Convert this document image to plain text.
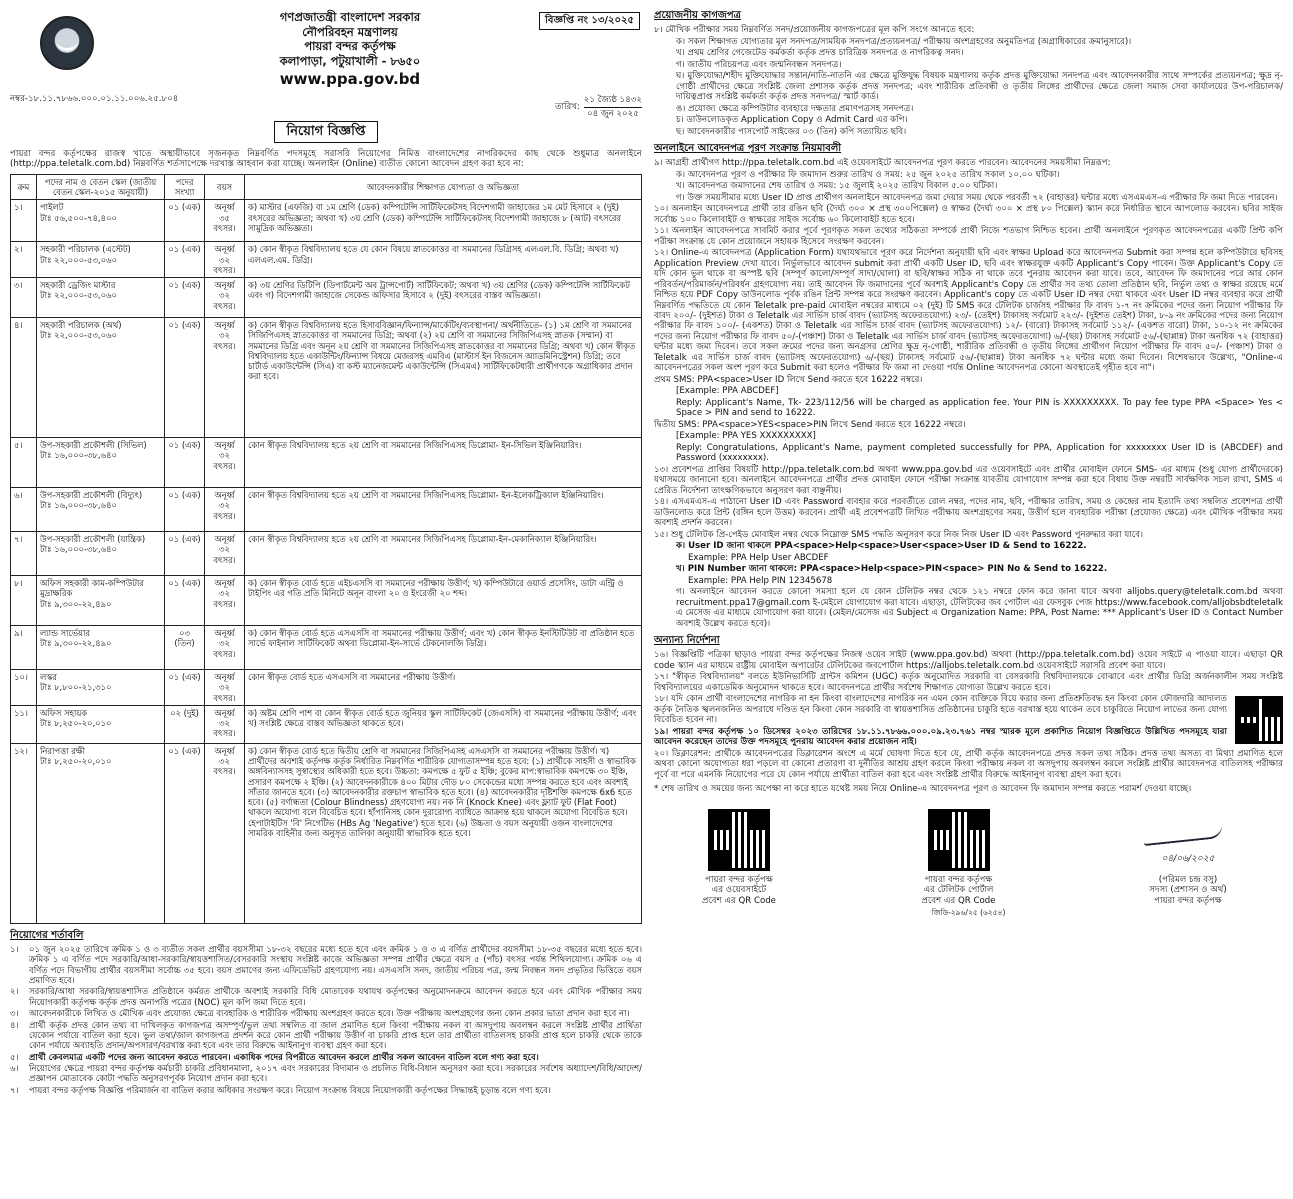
গণপ্রজাতন্ত্রী বাংলাদেশ সরকার
নৌপরিবহন মন্ত্রণালয়
পায়রা বন্দর কর্তৃপক্ষ
কলাপাড়া, পটুয়াখালী - ৮৬৫০
www.ppa.gov.bd
বিজ্ঞপ্তি নং ১৩/২০২৫
নম্বর-১৮.১১.৭৮৬৬.০০০.০১.১১.০০৬.২৫.৮০৪
তারিখ:
২১ জ্যৈষ্ঠ ১৪৩২
০৪ জুন ২০২৫
নিয়োগ বিজ্ঞপ্তি

পায়রা বন্দর কর্তৃপক্ষের রাজস্ব খাতে অস্থায়ীভাবে সৃজনকৃত নিম্নবর্ণিত পদসমূহে সরাসরি নিয়োগের নিমিত্ত বাংলাদেশের নাগরিকদের কাছ থেকে শুধুমাত্র অনলাইনে (http://ppa.teletalk.com.bd) নিম্নবর্ণিত শর্তসাপেক্ষে দরখাস্ত আহবান করা যাচ্ছে। অনলাইন (Online) ব্যতীত কোনো আবেদন গ্রহণ করা হবে না:

ক্রম	পদের নাম ও বেতন স্কেল (জাতীয় বেতন স্কেল-২০১৫ অনুযায়ী)	পদের সংখ্যা	বয়স	আবেদনকারীর শিক্ষাগত যোগ্যতা ও অভিজ্ঞতা
১।	পাইলট
টাঃ ৫৬,৫০০-৭৪,৪০০	০১ (এক)	অনূর্ধ্ব ৩৫ বৎসর।	ক) মাস্টার (এফজি) বা ১ম শ্রেণি (ডেক) কম্পিটেন্সি সার্টিফিকেটসহ বিদেশগামী জাহাজের ১ম মেট হিসাবে ২ (দুই) বৎসরের অভিজ্ঞতা; অথবা খ) ৩য় শ্রেণি (ডেক) কম্পিটেন্সি সার্টিফিকেটসহ বিদেশগামী জাহাজে ৮ (আট) বৎসরের সামুদ্রিক অভিজ্ঞতা।
২।	সহকারী পরিচালক (এস্টেট)
টাঃ ২২,০০০-৫৩,০৬০	০১ (এক)	অনূর্ধ্ব ৩২ বৎসর।	ক) কোন স্বীকৃত বিশ্ববিদ্যালয় হতে যে কোন বিষয়ে স্নাতকোত্তর বা সমমানের ডিগ্রিসহ এলএল.বি. ডিগ্রি; অথবা খ) এলএল.এম. ডিগ্রি।
৩।	সহকারী ড্রেজিং মাস্টার
টাঃ ২২,০০০-৫৩,০৬০	০১ (এক)	অনূর্ধ্ব ৩২ বৎসর।	ক) ৩য় শ্রেণির ডিটিপি (ডিপার্টমেন্ট অব ট্রান্সপোর্ট) সার্টিফিকেট; অথবা খ) ৩য় শ্রেণির (ডেক) কম্পিটেন্সি সার্টিফিকেট এবং গ) বিদেশগামী জাহাজে সেকেন্ড অফিসার হিসাবে ২ (দুই) বৎসরের বাস্তব অভিজ্ঞতা।
৪।	সহকারী পরিচালক (অর্থ)
টাঃ ২২,০০০-৫৩,০৬০	০১ (এক)	অনূর্ধ্ব ৩২ বৎসর।	ক) কোন স্বীকৃত বিশ্ববিদ্যালয় হতে হিসাববিজ্ঞান/ফিন্যান্স/মার্কেটিং/ব্যবস্থাপনা/ অর্থনীতিতে- (১) ১ম শ্রেণি বা সমমানের সিজিপিএসহ স্নাতকোত্তর বা সমমানের ডিগ্রি; অথবা (২) ২য় শ্রেণি বা সমমানের সিজিপিএসহ স্নাতক (সম্মান) বা সমমানের ডিগ্রি এবং অনূন ২য় শ্রেণি বা সমমানের সিজিপিএসহ স্নাতকোত্তর বা সমমানের ডিগ্রি; অথবা খ) কোন স্বীকৃত বিশ্ববিদ্যালয় হতে একাউন্টিং/ফিন্যান্স বিষয়ে মেজরসহ এমবিএ (মাস্টার্স ইন বিজনেস অ্যাডমিনিস্ট্রেশন) ডিগ্রি; তবে চার্টার্ড একাউন্টেন্সি (সিএ) বা কস্ট ম্যানেজমেন্ট একাউন্টেন্সি (সিএমএ) সার্টিফিকেটধারী প্রার্থীগণকে অগ্রাধিকার প্রদান করা হবে।
৫।	উপ-সহকারী প্রকৌশলী (সিভিল)
টাঃ ১৬,০০০-৩৮,৬৪০	০১ (এক)	অনূর্ধ্ব ৩২ বৎসর।	কোন স্বীকৃত বিশ্ববিদ্যালয় হতে ২য় শ্রেণি বা সমমানের সিজিপিএসহ ডিপ্লোমা- ইন-সিভিল ইঞ্জিনিয়ারিং।
৬।	উপ-সহকারী প্রকৌশলী (বিদ্যুৎ)
টাঃ ১৬,০০০-৩৮,৬৪০	০১ (এক)	অনূর্ধ্ব ৩২ বৎসর।	কোন স্বীকৃত বিশ্ববিদ্যালয় হতে ২য় শ্রেণি বা সমমানের সিজিপিএসহ ডিপ্লোমা- ইন-ইলেকট্রিক্যাল ইঞ্জিনিয়ারিং।
৭।	উপ-সহকারী প্রকৌশলী (যান্ত্রিক)
টাঃ ১৬,০০০-৩৮,৬৪০	০১ (এক)	অনূর্ধ্ব ৩২ বৎসর।	কোন স্বীকৃত বিশ্ববিদ্যালয় হতে ২য় শ্রেণি বা সমমানের সিজিপিএসহ ডিপ্লোমা-ইন-মেকানিক্যাল ইঞ্জিনিয়ারিং।
৮।	অফিস সহকারী কাম-কম্পিউটার মুদ্রাক্ষরিক
টাঃ ৯,৩০০-২২,৪৯০	০১ (এক)	অনূর্ধ্ব ৩২ বৎসর।	ক) কোন স্বীকৃত বোর্ড হতে এইচএসসি বা সমমানের পরীক্ষায় উত্তীর্ণ; খ) কম্পিউটারে ওয়ার্ড প্রসেসিং, ডাটা এন্ট্রি ও টাইপিং এর গতি প্রতি মিনিটে অনূন বাংলা ২০ ও ইংরেজী ২০ শব্দ।
৯।	ল্যান্ড সার্ভেয়ার
টাঃ ৯,৩০০-২২,৪৯০	০৩ (তিন)	অনূর্ধ্ব ৩২ বৎসর।	ক) কোন স্বীকৃত বোর্ড হতে এসএসসি বা সমমানের পরীক্ষায় উত্তীর্ণ; এবং খ) কোন স্বীকৃত ইনস্টিটিউট বা প্রতিষ্ঠান হতে সার্ভে ফাইনাল সার্টিফিকেট অথবা ডিপ্লোমা-ইন-সার্ভে টেকনোলজি ডিগ্রি।
১০।	লস্কর
টাঃ ৮,৮০০-২১,৩১০	০১ (এক)	অনূর্ধ্ব ৩২ বৎসর।	কোন স্বীকৃত বোর্ড হতে এসএসসি বা সমমানের পরীক্ষায় উত্তীর্ণ।
১১।	অফিস সহায়ক
টাঃ ৮,২৫০-২০,০১০	০২ (দুই)	অনূর্ধ্ব ৩২ বৎসর।	ক) অষ্টম শ্রেণি পাশ বা কোন স্বীকৃত বোর্ড হতে জুনিয়র স্কুল সার্টিফিকেট (জেএসসি) বা সমমানের পরীক্ষায় উত্তীর্ণ; এবং খ) সংশ্লিষ্ট ক্ষেত্রে বাস্তব অভিজ্ঞতা থাকতে হবে।
১২।	নিরাপত্তা রক্ষী
টাঃ ৮,২৫০-২০,০১০	০১ (এক)	অনূর্ধ্ব ৩২ বৎসর।	ক) কোন স্বীকৃত বোর্ড হতে দ্বিতীয় শ্রেণি বা সমমানের সিজিপিএসহ এসএসসি বা সমমানের পরীক্ষায় উত্তীর্ণ। খ) প্রার্থীদের অবশ্যই কর্তৃপক্ষ কর্তৃক নির্ধারিত নিম্নবর্ণিত শারীরিক যোগ্যতাসম্পন্ন হতে হবে: (১) প্রার্থীকে সাহসী ও স্বাভাবিক অঙ্গবিন্যাসসহ সুস্বাস্থ্যের অধিকারী হতে হবে। উচ্চতা: কমপক্ষে ৫ ফুট ৫ ইঞ্চি; বুকের মাপ:স্বাভাবিক কমপক্ষে ৩০ ইঞ্চি, প্রসারণ কমপক্ষে ২ ইঞ্চি। (২) আবেদনকারীকে ৪০০ মিটার দৌড় ৮০ সেকেন্ডের মধ্যে সম্পন্ন করতে হবে এবং অবশ্যই সাঁতার জানতে হবে। (৩) আবেদনকারীর রক্তচাপ স্বাভাবিক হতে হবে। (৪) আবেদনকারীর দৃষ্টিশক্তি কমপক্ষে 6x6 হতে হবে। (৫) বর্ণান্ধতা (Colour Blindness) গ্রহণযোগ্য নয়। নক নি (Knock Knee) এবং ফ্ল্যাট ফুট (Flat Foot) থাকলে অযোগ্য বলে বিবেচিত হবে। হাঁপানিসহ কোন দুরারোগ্য ব্যাধিতে আক্রান্ত হয়ে থাকলে অযোগ্য বিবেচিত হবে। হেপাটাইটিস 'বি' নিগেটিভ (HBs Ag 'Negative') হতে হবে। (৬) উচ্চতা ও বয়স অনুযায়ী ওজন বাংলাদেশের সামরিক বাহিনীর জন্য অনুসৃত তালিকা অনুযায়ী স্বাভাবিক হতে হবে।
নিয়োগের শর্তাবলি

১।	০১ জুন ২০২৫ তারিখে ক্রমিক ১ ও ৩ ব্যতীত সকল প্রার্থীর বয়সসীমা ১৮-৩২ বছরের মধ্যে হতে হবে এবং ক্রমিক ১ ও ৩ এ বর্ণিত প্রার্থীদের বয়সসীমা ১৮-৩৫ বছরের মধ্যে হতে হবে। ক্রমিক ১ এ বর্ণিত পদে সরকারি/আধা-সরকারি/স্বায়ত্তশাসিত/বেসরকারি সংস্থায় সংশ্লিষ্ট কাজে অভিজ্ঞতা সম্পন্ন প্রার্থীর ক্ষেত্রে বয়স ৫ (পাঁচ) বৎসর পর্যন্ত শিথিলযোগ্য। ক্রমিক ০৬ এ বর্ণিত পদে বিভাগীয় প্রার্থীর বয়সসীমা সর্বোচ্চ ৩৫ হবে। বয়স প্রমাণের জন্য এফিডেভিট গ্রহণযোগ্য নয়। এসএসসি সনদ, জাতীয় পরিচয় পত্র, জন্ম নিবন্ধন সনদ প্রভৃতির ভিত্তিতে বয়স প্রমাণিত হবে।

২।	সরকারি/আধা সরকারি/স্বায়ত্তশাসিত প্রতিষ্ঠানে কর্মরত প্রার্থীকে অবশ্যই সরকারি বিধি মোতাবেক যথাযথ কর্তৃপক্ষের অনুমোদনক্রমে আবেদন করতে হবে এবং মৌখিক পরীক্ষার সময় নিয়োগকারী কর্তৃপক্ষ কর্তৃক প্রদত্ত অনাপত্তি পত্রের (NOC) মূল কপি জমা দিতে হবে।

৩।	আবেদনকারীকে লিখিত ও মৌখিক এবং প্রযোজ্য ক্ষেত্রে ব্যবহারিক ও শারীরিক পরীক্ষায় অংশগ্রহণ করতে হবে। উক্ত পরীক্ষায় অংশগ্রহণের জন্য কোন প্রকার ভাতা প্রদান করা হবে না।

৪।	প্রার্থী কর্তৃক প্রদত্ত কোন তথ্য বা দাখিলকৃত কাগজপত্র অসম্পূর্ণ/ভুল তথ্য সম্বলিত বা জাল প্রমাণিত হলে কিংবা পরীক্ষায় নকল বা অসদুপায় অবলম্বন করলে সংশ্লিষ্ট প্রার্থীর প্রার্থিতা যেকোন পর্যায়ে বাতিল করা হবে। ভুল তথ্য/জাল কাগজপত্র প্রদর্শন করে কোন প্রার্থী পরীক্ষায় উত্তীর্ণ বা চাকরি প্রাপ্ত হলে তার প্রার্থীতা বাতিলসহ চাকরি প্রাপ্ত হলে চাকরি থেকে তাকে কোন পর্যায়ে অব্যাহতি প্রদান/অপসারণ/বরখাস্ত করা হবে এবং তার বিরুদ্ধে আইনানুগ ব্যবস্থা গ্রহণ করা হবে।

৫।	প্রার্থী কেবলমাত্র একটি পদের জন্য আবেদন করতে পারবেন। একাধিক পদের বিপরীতে আবেদন করলে প্রার্থীর সকল আবেদন বাতিল বলে গণ্য করা হবে।

৬।	নিয়োগের ক্ষেত্রে পায়রা বন্দর কর্তৃপক্ষ কর্মচারী চাকরি প্রবিধানমালা, ২০১৭ এবং সরকারের বিদ্যমান ও প্রচলিত বিধি-বিধান অনুসরণ করা হবে। সরকারের সর্বশেষ অধ্যাদেশ/বিধি/আদেশ/প্রজ্ঞাপন মোতাবেক কোটা পদ্ধতি অনুসরণপূর্বক নিয়োগ প্রদান করা হবে।

৭।	পায়রা বন্দর কর্তৃপক্ষ বিজ্ঞপ্তি পরিমার্জন বা বাতিল করার অধিকার সংরক্ষণ করে। নিয়োগ সংক্রান্ত বিষয়ে নিয়োগকারী কর্তৃপক্ষের সিদ্ধান্তই চূড়ান্ত বলে গণ্য হবে।

প্রয়োজনীয় কাগজপত্র

৮। মৌখিক পরীক্ষার সময় নিম্নবর্ণিত সনদ/প্রয়োজনীয় কাগজপত্রের মূল কপি সংগে আনতে হবে:

ক। সকল শিক্ষাগত যোগ্যতার মূল সনদপত্র/সাময়িক সনদপত্র/প্রত্যয়নপত্র/ পরীক্ষায় অংশগ্রহণের অনুমতিপত্র (অগ্রাধিকারের ক্রমানুসারে)।

খ। প্রথম শ্রেণির গেজেটেড কর্মকর্তা কর্তৃক প্রদত্ত চারিত্রিক সনদপত্র ও নাগরিকত্ব সনদ।

গ। জাতীয় পরিচয়পত্র এবং জন্মনিবন্ধন সনদপত্র।

ঘ। মুক্তিযোদ্ধা/শহীদ মুক্তিযোদ্ধার সন্তান/নাতি-নাতনি এর ক্ষেত্রে মুক্তিযুদ্ধ বিষয়ক মন্ত্রণালয় কর্তৃক প্রদত্ত মুক্তিযোদ্ধা সনদপত্র এবং আবেদনকারীর সাথে সম্পর্কের প্রত্যয়নপত্র; ক্ষুদ্র নৃ-গোষ্ঠী প্রার্থীদের ক্ষেত্রে সংশ্লিষ্ট জেলা প্রশাসক কর্তৃক প্রদত্ত সনদপত্র; এবং শারীরিক প্রতিবন্ধী ও তৃতীয় লিঙ্গের প্রার্থীদের ক্ষেত্রে জেলা সমাজ সেবা কার্যালয়ের উপ-পরিচালক/ দায়িত্বপ্রাপ্ত সংশ্লিষ্ট কর্মকর্তা কর্তৃক প্রদত্ত সনদপত্র/ স্মার্ট কার্ড।

ঙ। প্রযোজ্য ক্ষেত্রে কম্পিউটার ব্যবহারে দক্ষতার প্রমাণপত্রসহ সনদপত্র।

চ। ডাউনলোডকৃত Application Copy ও Admit Card এর কপি।

ছ। আবেদনকারীর পাসপোর্ট সাইজের ০৩ (তিন) কপি সত্যায়িত ছবি।

অনলাইনে আবেদনপত্র পূরণ সংক্রান্ত নিয়মাবলী

৯। আগ্রহী প্রার্থীগণ http://ppa.teletalk.com.bd এই ওয়েবসাইটে আবেদনপত্র পূরণ করতে পারবেন। আবেদনের সময়সীমা নিম্নরূপ:

ক। আবেদনপত্র পূরণ ও পরীক্ষার ফি জমাদান শুরুর তারিখ ও সময়: ২৫ জুন ২০২৫ তারিখ সকাল ১০.০০ ঘটিকা।

খ। আবেদনপত্র জমাদানের শেষ তারিখ ও সময়: ১৫ জুলাই ২০২৫ তারিখ বিকাল ৫.০০ ঘটিকা।

গ। উক্ত সময়সীমার মধ্যে User ID প্রাপ্ত প্রার্থীগণ অনলাইনে আবেদনপত্র জমা দেয়ার সময় থেকে পরবর্তী ৭২ (বাহাত্তর) ঘন্টার মধ্যে এসএমএস-এ পরীক্ষার ফি জমা দিতে পারবেন।

১০। অনলাইন আবেদনপত্রে প্রার্থী তার রঙিন ছবি (দৈর্ঘ্য ৩০০ × প্রস্থ ৩০০পিক্সেল) ও স্বাক্ষর (দৈর্ঘ্য ৩০০ × প্রস্থ ৮০ পিক্সেল) স্ক্যান করে নির্ধারিত স্থানে আপলোড করবেন। ছবির সাইজ সর্বোচ্চ ১০০ কিলোবাইট ও স্বাক্ষরের সাইজ সর্বোচ্চ ৬০ কিলোবাইট হতে হবে।

১১। অনলাইন আবেদনপত্রে সাবমিট করার পূর্বে পূরণকৃত সকল তথ্যের সঠিকতা সম্পর্কে প্রার্থী নিজে শতভাগ নিশ্চিত হবেন। প্রার্থী অনলাইনে পূরণকৃত আবেদনপত্রের একটি প্রিন্ট কপি পরীক্ষা সংক্রান্ত যে কোন প্রয়োজনে সহায়ক হিসেবে সংরক্ষণ করবেন।

১২। Online-এ আবেদনপত্র (Application Form) যথাযথভাবে পূরণ করে নির্দেশনা অনুযায়ী ছবি এবং স্বাক্ষর Upload করে আবেদনপত্র Submit করা সম্পন্ন হলে কম্পিউটারে ছবিসহ Application Preview দেখা যাবে। নির্ভুলভাবে আবেদন submit করা প্রার্থী একটি User ID, ছবি এবং স্বাক্ষরযুক্ত একটি Applicant's Copy পাবেন। উক্ত Applicant's Copy তে যদি কোন ভুল থাকে বা অস্পষ্ট ছবি (সম্পূর্ণ কালো/সম্পূর্ণ সাদা/ঘোলা) বা ছবি/স্বাক্ষর সঠিক না থাকে তবে পুনরায় আবেদন করা যাবে। তবে, আবেদন ফি জমাদানের পরে আর কোন পরিবর্তন/পরিমার্জন/পরিবর্ধন গ্রহণযোগ্য নয়। তাই আবেদন ফি জমাদানের পূর্বে অবশ্যই Applicant's Copy তে প্রার্থীর সব তথ্য তোলা প্রতিষ্ঠান ছবি, নির্ভুল তথ্য ও স্বাক্ষর রয়েছে মর্মে নিশ্চিত হয়ে PDF Copy ডাউনলোড পূর্বক রঙিন প্রিন্ট সম্পন্ন করে সংরক্ষণ করবেন। Applicant's copy তে একটি User ID নম্বর দেয়া থাকবে এবং User ID নম্বর ব্যবহার করে প্রার্থী নিম্নবর্ণিত পদ্ধতিতে যে কোন Teletalk pre-paid মোবাইল নম্বরের মাধ্যমে ০২ (দুই) টি SMS করে টেলিটক চার্জসহ পরীক্ষার ফি বাবদ ১-৭ নং ক্রমিকের পদের জন্য নিয়োগ পরীক্ষার ফি বাবদ ২০০/- (দুইশত) টাকা ও Teletalk এর সার্ভিস চার্জ বাবদ (ভ্যাটসহ অফেরতযোগ্য) ২৩/- (তেইশ) টাকাসহ সর্বমোট ২২৩/- (দুইশত তেইশ) টাকা, ৮-৯ নং ক্রমিকের পদের জন্য নিয়োগ পরীক্ষার ফি বাবদ ১০০/- (একশত) টাকা ও Teletalk এর সার্ভিস চার্জ বাবদ (ভ্যাটসহ অফেরতযোগ্য) ১২/- (বারো) টাকাসহ সর্বমোট ১১২/- (একশত বারো) টাকা, ১০-১২ নং ক্রমিকের পদের জন্য নিয়োগ পরীক্ষার ফি বাবদ ৫০/-(পঞ্চাশ) টাকা ও Teletalk এর সার্ভিস চার্জ বাবদ (ভ্যাটসহ অফেরতযোগ্য) ৬/-(ছয়) টাকাসহ সর্বমোট ৫৬/-(ছাপ্পান্ন) টাকা অনধিক ৭২ (বাহাত্তর) ঘন্টার মধ্যে জমা দিবেন। তবে সকল ক্রমের পদের জন্য অনগ্রসর শ্রেণির ক্ষুদ্র নৃ-গোষ্ঠী, শারীরিক প্রতিবন্ধী ও তৃতীয় লিঙ্গের প্রার্থীগণ নিয়োগ পরীক্ষার ফি বাবদ ৫০/- (পঞ্চাশ) টাকা ও Teletalk এর সার্ভিস চার্জ বাবদ (ভ্যাটসহ অফেরতযোগ্য) ৬/-(ছয়) টাকাসহ সর্বমোট ৫৬/-(ছাপ্পান্ন) টাকা অনধিক ৭২ ঘন্টার মধ্যে জমা দিবেন। বিশেষভাবে উল্লেখ্য, "Online-এ আবেদনপত্রের সকল অংশ পূরণ করে Submit করা হলেও পরীক্ষার ফি জমা না দেওয়া পর্যন্ত Online আবেদনপত্র কোনো অবস্থাতেই গৃহীত হবে না"।

প্রথম SMS: PPA<space>User ID লিখে Send করতে হবে 16222 নম্বরে।

[Example: PPA ABCDEF]

Reply: Applicant's Name, Tk- 223/112/56 will be charged as application fee. Your PIN is XXXXXXXXX. To pay fee type PPA <Space> Yes < Space > PIN and send to 16222.

দ্বিতীয় SMS: PPA<space>YES<space>PIN লিখে Send করতে হবে 16222 নম্বরে।

[Example: PPA YES XXXXXXXXX]

Reply: Congratulations, Applicant's Name, payment completed successfully for PPA, Application for xxxxxxxx User ID is (ABCDEF) and Password (xxxxxxxx).

১৩। প্রবেশপত্র প্রাপ্তির বিষয়টি http://ppa.teletalk.com.bd অথবা www.ppa.gov.bd এর ওয়েবসাইটে এবং প্রার্থীর মোবাইল ফোনে SMS- এর মাধ্যম (শুধু যোগ্য প্রার্থীদেরকে) যথাসময়ে জানানো হবে। অনলাইনে আবেদনপত্রে প্রার্থীর প্রদত্ত মোবাইল ফোনে পরীক্ষা সংক্রান্ত যাবতীয় যোগাযোগ সম্পন্ন করা হবে বিধায় উক্ত নম্বরটি সার্বক্ষণিক সচল রাখা, SMS এ প্রেরিত নির্দেশনা তাৎক্ষণিকভাবে অনুসরণ করা বাঞ্ছনীয়।

১৪। এসএমএস-এ পাঠানো User ID এবং Password ব্যবহার করে পরবর্তীতে রোল নম্বর, পদের নাম, ছবি, পরীক্ষার তারিখ, সময় ও কেন্দ্রের নাম ইত্যাদি তথ্য সম্বলিত প্রবেশপত্র প্রার্থী ডাউনলোড করে প্রিন্ট (রঙ্গিন হলে উত্তম) করবেন। প্রার্থী এই প্রবেশপত্রটি লিখিত পরীক্ষায় অংশগ্রহণের সময়, উত্তীর্ণ হলে ব্যবহারিক পরীক্ষা (প্রযোজ্য ক্ষেত্রে) এবং মৌখিক পরীক্ষার সময় অবশ্যই প্রদর্শন করবেন।

১৫। শুধু টেলিটক প্রি-পেইড মোবাইল নম্বর থেকে নিম্নোক্ত SMS পদ্ধতি অনুসরণ করে নিজ নিজ User ID এবং Password পুনরুদ্ধার করা যাবে।

ক। User ID জানা থাকলে PPA<space>Help<space>User<space>User ID & Send to 16222.

Example: PPA Help User ABCDEF

খ। PIN Number জানা থাকলে: PPA<space>Help<space>PIN<space> PIN No & Send to 16222.

Example: PPA Help PIN 12345678

গ। অনলাইনে আবেদন করতে কোনো সমস্যা হলে যে কোন টেলিটক নম্বর থেকে ১২১ নম্বরে ফোন করে জানা যাবে অথবা alljobs.query@teletalk.com.bd অথবা recruitment.ppa17@gmail.com ই-মেইলে যোগাযোগ করা যাবে। এছাড়া, টেলিটকের জব পোর্টাল এর ফেসবুক পেজ https://www.facebook.com/alljobsbdteletalk এ মেসেজ এর মাধ্যমে যোগাযোগ করা যাবে। (মেইল/মেসেজ এর Subject এ Organization Name: PPA, Post Name: *** Applicant's User ID ও Contact Number অবশ্যই উল্লেখ করতে হবে)।

অন্যান্য নির্দেশনা

১৬। বিজ্ঞপ্তিটি পত্রিকা ছাড়াও পায়রা বন্দর কর্তৃপক্ষের নিজস্ব ওয়েব সাইট (www.ppa.gov.bd) অথবা (http://ppa.teletalk.com.bd) ওয়েব সাইটে এ পাওয়া যাবে। এছাড়া QR code স্ক্যান এর মাধ্যমে রাষ্ট্রীয় মোবাইল অপারেটর টেলিটকের জবপোর্টাল https://alljobs.teletalk.com.bd ওয়েবসাইটে সরাসরি প্রবেশ করা যাবে।

১৭। "স্বীকৃত বিশ্ববিদ্যালয়" বলতে ইউনিভার্সিটি গ্রান্টস কমিশন (UGC) কর্তৃক অনুমোদিত সরকারি বা বেসরকারি বিশ্ববিদ্যালয়কে বোঝাবে এবং প্রার্থীর ডিগ্রি অর্জনকালীন সময় সংশ্লিষ্ট বিশ্ববিদ্যালয়ের একাডেমিক অনুমোদন থাকতে হবে। আবেদনপত্রে প্রার্থীর সর্বশেষ শিক্ষাগত যোগ্যতা উল্লেখ করতে হবে।

১৮। যদি কোন প্রার্থী বাংলাদেশের নাগরিক না হন কিংবা বাংলাদেশের নাগরিক নন এমন কোন ব্যক্তিকে বিয়ে করার জন্য প্রতিশ্রুতিবদ্ধ হন কিংবা কোন ফৌজদারি আদালত কর্তৃক নৈতিক স্খলনজনিত অপরাধে দণ্ডিত হন কিংবা কোন সরকারি বা স্বায়ত্তশাসিত প্রতিষ্ঠানের চাকুরি হতে বরখাস্ত হয়ে থাকেন তবে চাকুরিতে নিয়োগ লাভের জন্য যোগ্য বিবেচিত হবেন না।

১৯। পায়রা বন্দর কর্তৃপক্ষ ১০ ডিসেম্বর ২০২৩ তারিখের ১৮.১১.৭৮৬৬.০০০.০৯.২৩.৭৬১ নম্বর স্মারক মূলে প্রকাশিত নিয়োগ বিজ্ঞপ্তিতে উল্লিখিত পদসমূহে যারা আবেদন করেছেন তাদের উক্ত পদসমূহে পুনরায় আবেদন করার প্রয়োজন নাই।

২০। ডিক্লারেশন: প্রার্থীকে আবেদনপত্রের ডিক্লারেশন অংশে এ মর্মে ঘোষণা দিতে হবে যে, প্রার্থী কর্তৃক আবেদনপত্রে প্রদত্ত সকল তথ্য সঠিক। প্রদত্ত তথ্য অসত্য বা মিথ্যা প্রমাণিত হলে অথবা কোনো অযোগ্যতা ধরা পড়লে বা কোনো প্রতারণা বা দুর্নীতির আশ্রয় গ্রহণ করলে কিংবা পরীক্ষায় নকল বা অসদুপায় অবলম্বন করলে সংশ্লিষ্ট প্রার্থীর আবেদনপত্র বাতিলসহ পরীক্ষার পূর্বে বা পরে এমনকি নিয়োগের পরে যে কোন পর্যায়ে প্রার্থীতা বাতিল করা হবে এবং সংশ্লিষ্ট প্রার্থীর বিরুদ্ধে আইনানুগ ব্যবস্থা গ্রহণ করা হবে।

* শেষ তারিখ ও সময়ের জন্য অপেক্ষা না করে হাতে যথেষ্ট সময় নিয়ে Online-এ আবেদনপত্র পূরণ ও আবেদন ফি জমাদান সম্পন্ন করতে পরামর্শ দেওয়া যাচ্ছে।

পায়রা বন্দর কর্তৃপক্ষ
এর ওয়েবসাইটে
প্রবেশ এর QR Code
পায়রা বন্দর কর্তৃপক্ষ
এর টেলিটক পোর্টাল
প্রবেশ এর QR Code
০৪/০৬/২০২৫
(পরিমল চন্দ্র বসু)
সদস্য (প্রশাসন ও অর্থ)
পায়রা বন্দর কর্তৃপক্ষ
জিডি-২৯৬/২৫ (৬২৫৪)
